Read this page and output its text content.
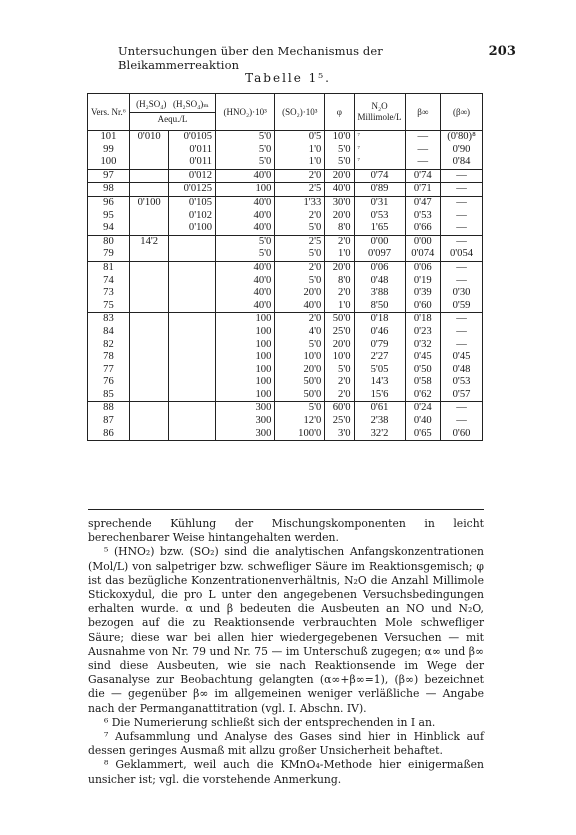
Untersuchungen über den Mechanismus der Bleikammerreaktion
203
Tabelle 1⁵.
Vers. Nr.⁶	(H₂SO₄) (H₂SO₄)ₘ
Aequ./L		(HNO₂)·10³	(SO₂)·10³	φ	N₂O Millimole/L	β∞	(β∞)
101	0'010	0'0105	5'0	0'5	10'0	⁷	—	(0'80)⁸
99		0'011	5'0	1'0	5'0	⁷	—	0'90
100		0'011	5'0	1'0	5'0	⁷	—	0'84
97		0'012	40'0	2'0	20'0	0'74	0'74	—
98		0'0125	100	2'5	40'0	0'89	0'71	—
96	0'100	0'105	40'0	1'33	30'0	0'31	0'47	—
95		0'102	40'0	2'0	20'0	0'53	0'53	—
94		0'100	40'0	5'0	8'0	1'65	0'66	—
80	14'2		5'0	2'5	2'0	0'00	0'00	—
79			5'0	5'0	1'0	0'097	0'074	0'054
81			40'0	2'0	20'0	0'06	0'06	—
74			40'0	5'0	8'0	0'48	0'19	—
73			40'0	20'0	2'0	3'88	0'39	0'30
75			40'0	40'0	1'0	8'50	0'60	0'59
83			100	2'0	50'0	0'18	0'18	—
84			100	4'0	25'0	0'46	0'23	—
82			100	5'0	20'0	0'79	0'32	—
78			100	10'0	10'0	2'27	0'45	0'45
77			100	20'0	5'0	5'05	0'50	0'48
76			100	50'0	2'0	14'3	0'58	0'53
85			100	50'0	2'0	15'6	0'62	0'57
88			300	5'0	60'0	0'61	0'24	—
87			300	12'0	25'0	2'38	0'40	—
86			300	100'0	3'0	32'2	0'65	0'60

sprechende Kühlung der Mischungskomponenten in leicht berechenbarer Weise hintangehalten werden.

⁵ (HNO₂) bzw. (SO₂) sind die analytischen Anfangskonzentrationen (Mol/L) von salpetriger bzw. schwefliger Säure im Reaktionsgemisch; φ ist das bezügliche Konzentrationenverhältnis, N₂O die Anzahl Millimole Stickoxydul, die pro L unter den angegebenen Versuchsbedingungen erhalten wurde. α und β bedeuten die Ausbeuten an NO und N₂O, bezogen auf die zu Reaktionsende verbrauchten Mole schwefliger Säure; diese war bei allen hier wiedergegebenen Versuchen — mit Ausnahme von Nr. 79 und Nr. 75 — im Unterschuß zugegen; α∞ und β∞ sind diese Ausbeuten, wie sie nach Reaktionsende im Wege der Gasanalyse zur Beobachtung gelangten (α∞+β∞=1), (β∞) bezeichnet die — gegenüber β∞ im allgemeinen weniger verläßliche — Angabe nach der Permanganattitration (vgl. I. Abschn. IV).

⁶ Die Numerierung schließt sich der entsprechenden in I an.

⁷ Aufsammlung und Analyse des Gases sind hier in Hinblick auf dessen geringes Ausmaß mit allzu großer Unsicherheit behaftet.

⁸ Geklammert, weil auch die KMnO₄-Methode hier einigermaßen unsicher ist; vgl. die vorstehende Anmerkung.
